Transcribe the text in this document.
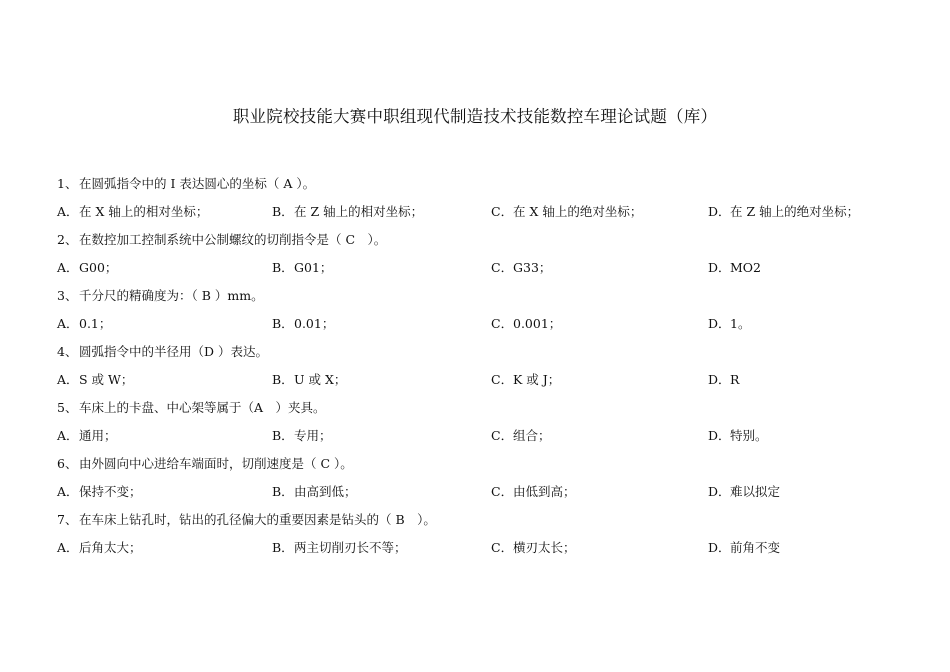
职业院校技能大赛中职组现代制造技术技能数控车理论试题（库）
1、 在圆弧指令中的 I 表达圆心的坐标（ A ）。
A．在 X 轴上的相对坐标；	B．在 Z 轴上的相对坐标；	C．在 X 轴上的绝对坐标；	D．在 Z 轴上的绝对坐标；
2、 在数控加工控制系统中公制螺纹的切削指令是（ C　）。
A．G00；	B．G01；	C．G33；	D．MO2
3、 千分尺的精确度为：（ B ）mm。
A．0.1；	B．0.01；	C．0.001；	D．1。
4、 圆弧指令中的半径用（D ）表达。
A．S 或 W；	B．U 或 X；	C．K 或 J；	D．R
5、 车床上的卡盘、中心架等属于（A　）夹具。
A．通用；	B．专用；	C．组合；	D．特别。
6、 由外圆向中心进给车端面时，切削速度是（ C ）。
A．保持不变；	B．由高到低；	C．由低到高；	D．难以拟定
7、 在车床上钻孔时，钻出的孔径偏大的重要因素是钻头的（ B　）。
A．后角太大；	B．两主切削刃长不等；	C．横刃太长；	D．前角不变
